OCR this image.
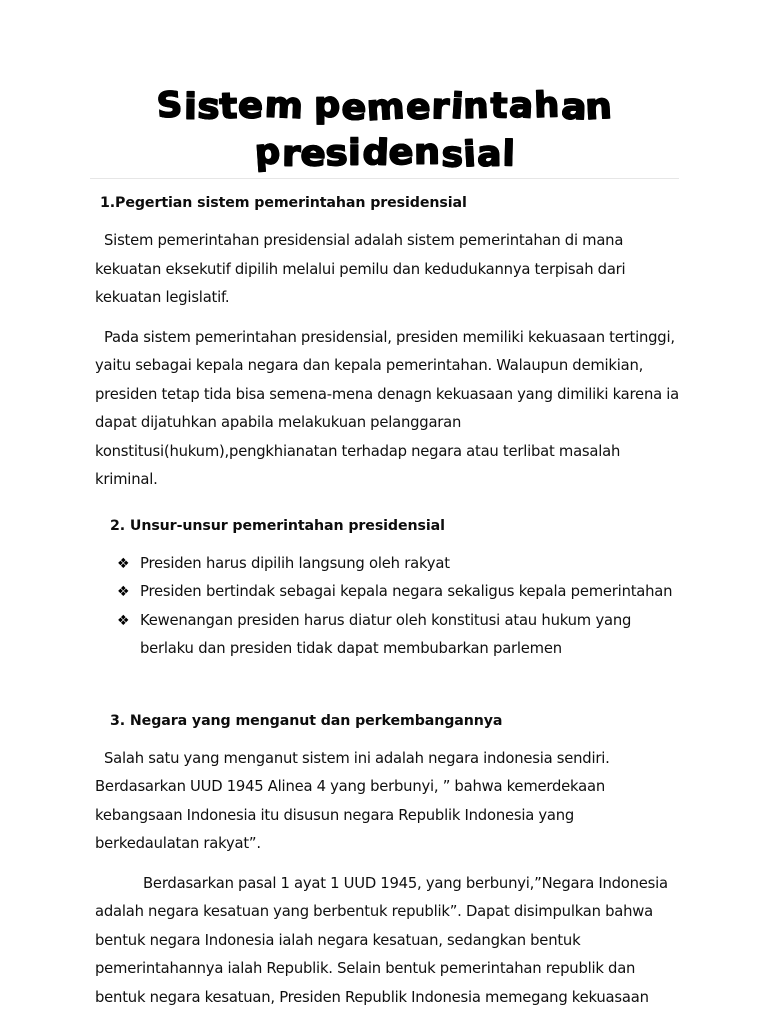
Sistem pemerintahan
presidensial
1.Pegertian sistem pemerintahan presidensial

Sistem pemerintahan presidensial adalah sistem pemerintahan di mana kekuatan eksekutif dipilih melalui pemilu dan kedudukannya terpisah dari kekuatan legislatif.

Pada sistem pemerintahan presidensial, presiden memiliki kekuasaan tertinggi, yaitu sebagai kepala negara dan kepala pemerintahan. Walaupun demikian, presiden tetap tida bisa semena-mena denagn kekuasaan yang dimiliki karena ia dapat dijatuhkan apabila melakukuan pelanggaran konstitusi(hukum),pengkhianatan terhadap negara atau terlibat masalah kriminal.

2. Unsur-unsur pemerintahan presidensial
❖ Presiden harus dipilih langsung oleh rakyat
❖ Presiden bertindak sebagai kepala negara sekaligus kepala pemerintahan
❖ Kewenangan presiden harus diatur oleh konstitusi atau hukum yang berlaku dan presiden tidak dapat membubarkan parlemen
3. Negara yang menganut dan perkembangannya

Salah satu yang menganut sistem ini adalah negara indonesia sendiri. Berdasarkan UUD 1945 Alinea 4 yang berbunyi, ” bahwa kemerdekaan kebangsaan Indonesia itu disusun negara Republik Indonesia yang berkedaulatan rakyat”.

Berdasarkan pasal 1 ayat 1 UUD 1945, yang berbunyi,”Negara Indonesia adalah negara kesatuan yang berbentuk republik”. Dapat disimpulkan bahwa bentuk negara Indonesia ialah negara kesatuan, sedangkan bentuk pemerintahannya ialah Republik. Selain bentuk pemerintahan republik dan bentuk negara kesatuan, Presiden Republik Indonesia memegang kekuasaan
